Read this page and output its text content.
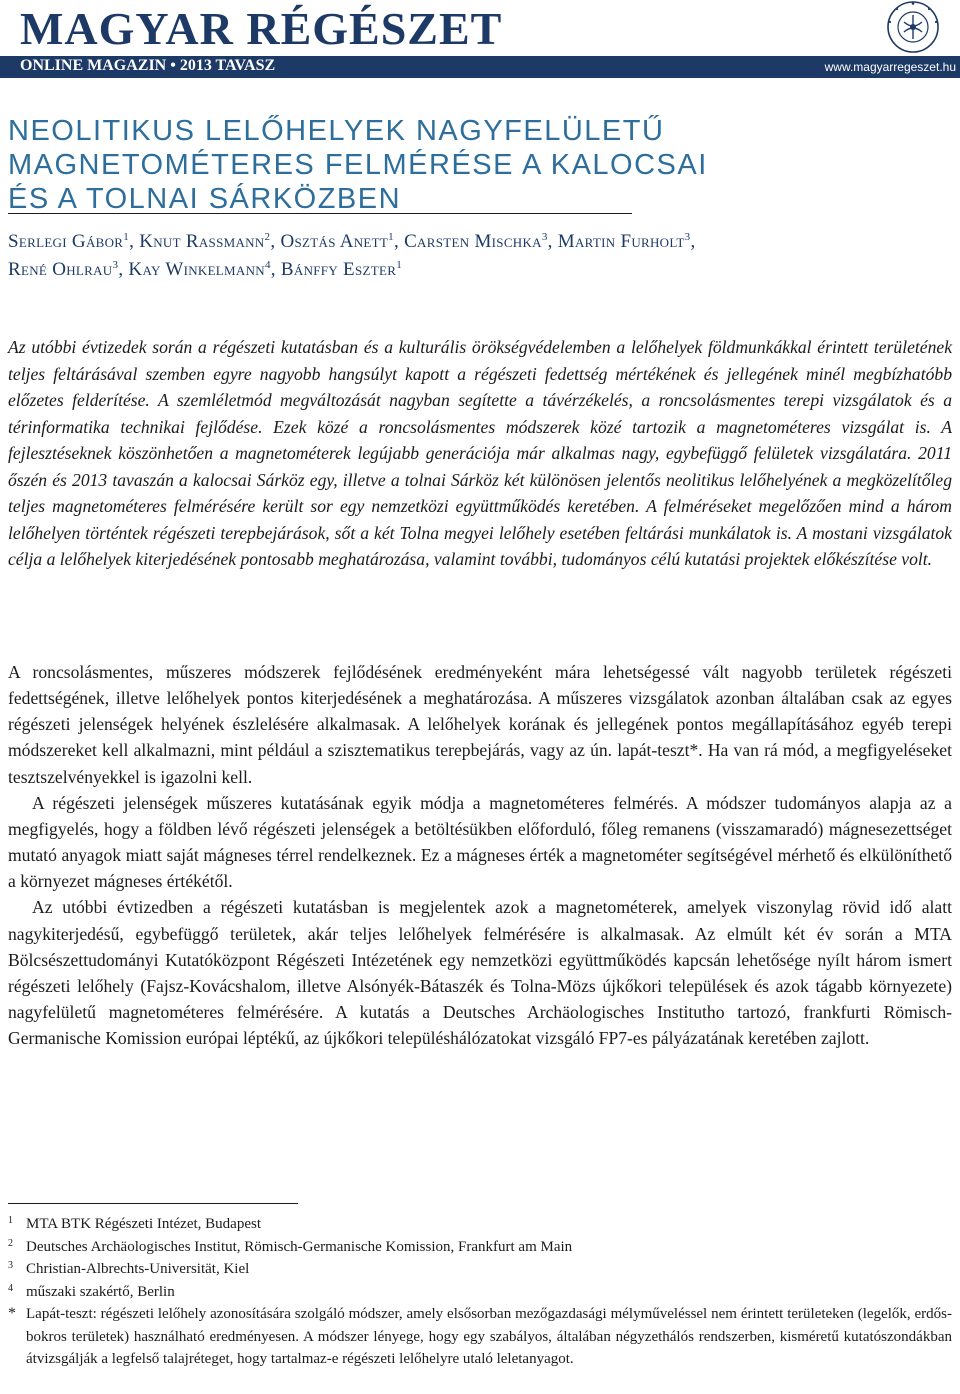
MAGYAR RÉGÉSZET
ONLINE MAGAZIN • 2013 TAVASZ	www.magyarregeszet.hu
NEOLITIKUS LELŐHELYEK NAGYFELÜLETŰ
MAGNETOMÉTERES FELMÉRÉSE A KALOCSAI
ÉS A TOLNAI SÁRKÖZBEN
Serlegi Gábor$^1$, Knut Rassmann$^2$, Osztás Anett$^1$, Carsten Mischka$^3$, Martin Furholt$^3$,
René Ohlrau$^3$, Kay Winkelmann$^4$, Bánffy Eszter$^1$
Az utóbbi évtizedek során a régészeti kutatásban és a kulturális örökségvédelemben a lelőhelyek földmunkákkal érintett területének teljes feltárásával szemben egyre nagyobb hangsúlyt kapott a régészeti fedettség mértékének és jellegének minél megbízhatóbb előzetes felderítése. A szemléletmód megváltozását nagyban segítette a távérzékelés, a roncsolásmentes terepi vizsgálatok és a térinformatika technikai fejlődése. Ezek közé a roncsolásmentes módszerek közé tartozik a magnetométeres vizsgálat is. A fejlesztéseknek köszönhetően a magnetométerek legújabb generációja már alkalmas nagy, egybefüggő felületek vizsgálatára. 2011 őszén és 2013 tavaszán a kalocsai Sárköz egy, illetve a tolnai Sárköz két különösen jelentős neolitikus lelőhelyének a megközelítőleg teljes magnetométeres felmérésére került sor egy nemzetközi együttműködés keretében. A felméréseket megelőzően mind a három lelőhelyen történtek régészeti terepbejárások, sőt a két Tolna megyei lelőhely esetében feltárási munkálatok is. A mostani vizsgálatok célja a lelőhelyek kiterjedésének pontosabb meghatározása, valamint további, tudományos célú kutatási projektek előkészítése volt.

A roncsolásmentes, műszeres módszerek fejlődésének eredményeként mára lehetségessé vált nagyobb területek régészeti fedettségének, illetve lelőhelyek pontos kiterjedésének a meghatározása. A műszeres vizsgálatok azonban általában csak az egyes régészeti jelenségek helyének észlelésére alkalmasak. A lelőhelyek korának és jellegének pontos megállapításához egyéb terepi módszereket kell alkalmazni, mint például a szisztematikus terepbejárás, vagy az ún. lapát-teszt*. Ha van rá mód, a megfigyeléseket tesztszelvényekkel is igazolni kell.

A régészeti jelenségek műszeres kutatásának egyik módja a magnetométeres felmérés. A módszer tudományos alapja az a megfigyelés, hogy a földben lévő régészeti jelenségek a betöltésükben előforduló, főleg remanens (visszamaradó) mágnesezettséget mutató anyagok miatt saját mágneses térrel rendelkeznek. Ez a mágneses érték a magnetométer segítségével mérhető és elkülöníthető a környezet mágneses értékétől.

Az utóbbi évtizedben a régészeti kutatásban is megjelentek azok a magnetométerek, amelyek viszonylag rövid idő alatt nagykiterjedésű, egybefüggő területek, akár teljes lelőhelyek felmérésére is alkalmasak. Az elmúlt két év során a MTA Bölcsészettudományi Kutatóközpont Régészeti Intézetének egy nemzetközi együttműködés kapcsán lehetősége nyílt három ismert régészeti lelőhely (Fajsz-Kovácshalom, illetve Alsónyék-Bátaszék és Tolna-Mözs újkőkori települések és azok tágabb környezete) nagyfelületű magnetométeres felmérésére. A kutatás a Deutsches Archäologisches Institutho tartozó, frankfurti Römisch-Germanische Komission európai léptékű, az újkőkori településhálózatokat vizsgáló FP7-es pályázatának keretében zajlott.

1 MTA BTK Régészeti Intézet, Budapest
2 Deutsches Archäologisches Institut, Römisch-Germanische Komission, Frankfurt am Main
3 Christian-Albrechts-Universität, Kiel
4 műszaki szakértő, Berlin
* Lapát-teszt: régészeti lelőhely azonosítására szolgáló módszer, amely elsősorban mezőgazdasági mélyműveléssel nem érintett területeken (legelők, erdős-bokros területek) használható eredményesen. A módszer lényege, hogy egy szabályos, általában négyzethálós rendszerben, kisméretű kutatószondákban átvizsgálják a legfelső talajréteget, hogy tartalmaz-e régészeti lelőhelyre utaló leletanyagot.
